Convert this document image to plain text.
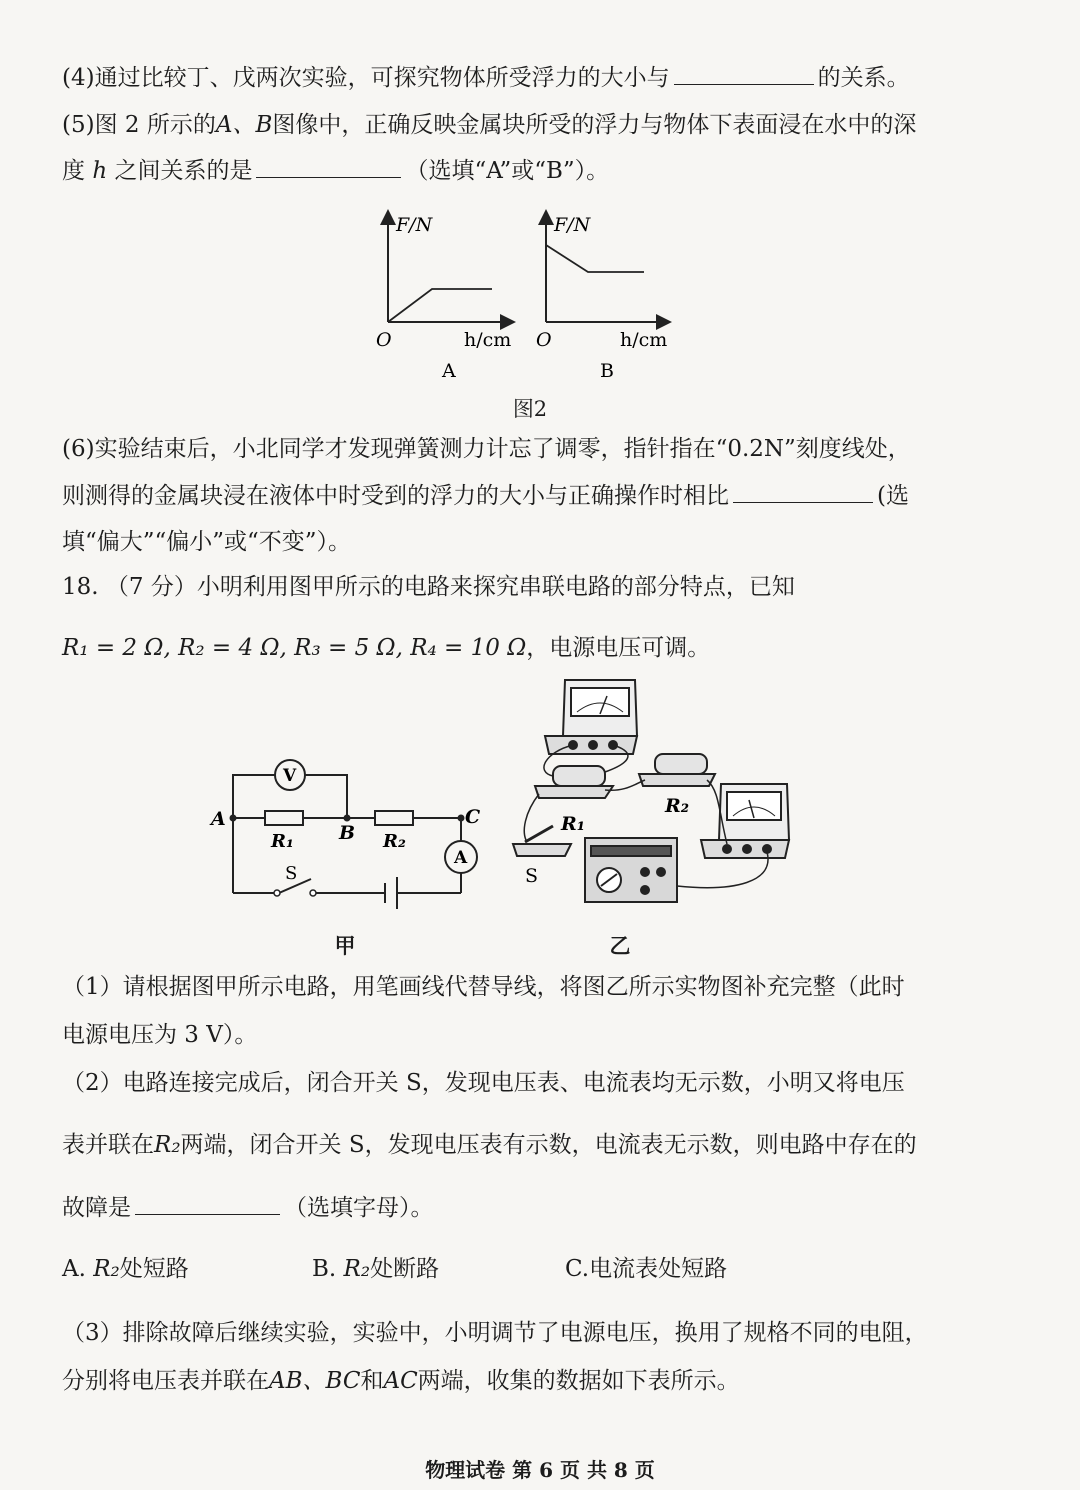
(4)通过比较丁、戊两次实验，可探究物体所受浮力的大小与	的关系。
(5)图 2 所示的A、B图像中，正确反映金属块所受的浮力与物体下表面浸在水中的深
度 h 之间关系的是	（选填“A”或“B”）。
F/N
O	h/cm
A
F/N
O	h/cm
B
图2
(6)实验结束后，小北同学才发现弹簧测力计忘了调零，指针指在“0.2N”刻度线处，
则测得的金属块浸在液体中时受到的浮力的大小与正确操作时相比	(选
填“偏大”“偏小”或“不变”）。
18. （7 分）小明利用图甲所示的电路来探究串联电路的部分特点，已知
R₁ = 2 Ω, R₂ = 4 Ω, R₃ = 5 Ω, R₄ = 10 Ω，电源电压可调。
V
A
A
B
C
R₁	R₂
S
甲
R₁
R₂
S
乙
（1）请根据图甲所示电路，用笔画线代替导线，将图乙所示实物图补充完整（此时
电源电压为 3 V）。
（2）电路连接完成后，闭合开关 S，发现电压表、电流表均无示数，小明又将电压
表并联在R₂两端，闭合开关 S，发现电压表有示数，电流表无示数，则电路中存在的
故障是	（选填字母）。
A. R₂处短路	B. R₂处断路	C.电流表处短路
（3）排除故障后继续实验，实验中，小明调节了电源电压，换用了规格不同的电阻，
分别将电压表并联在AB、BC和AC两端，收集的数据如下表所示。
物理试卷 第 6 页 共 8 页
